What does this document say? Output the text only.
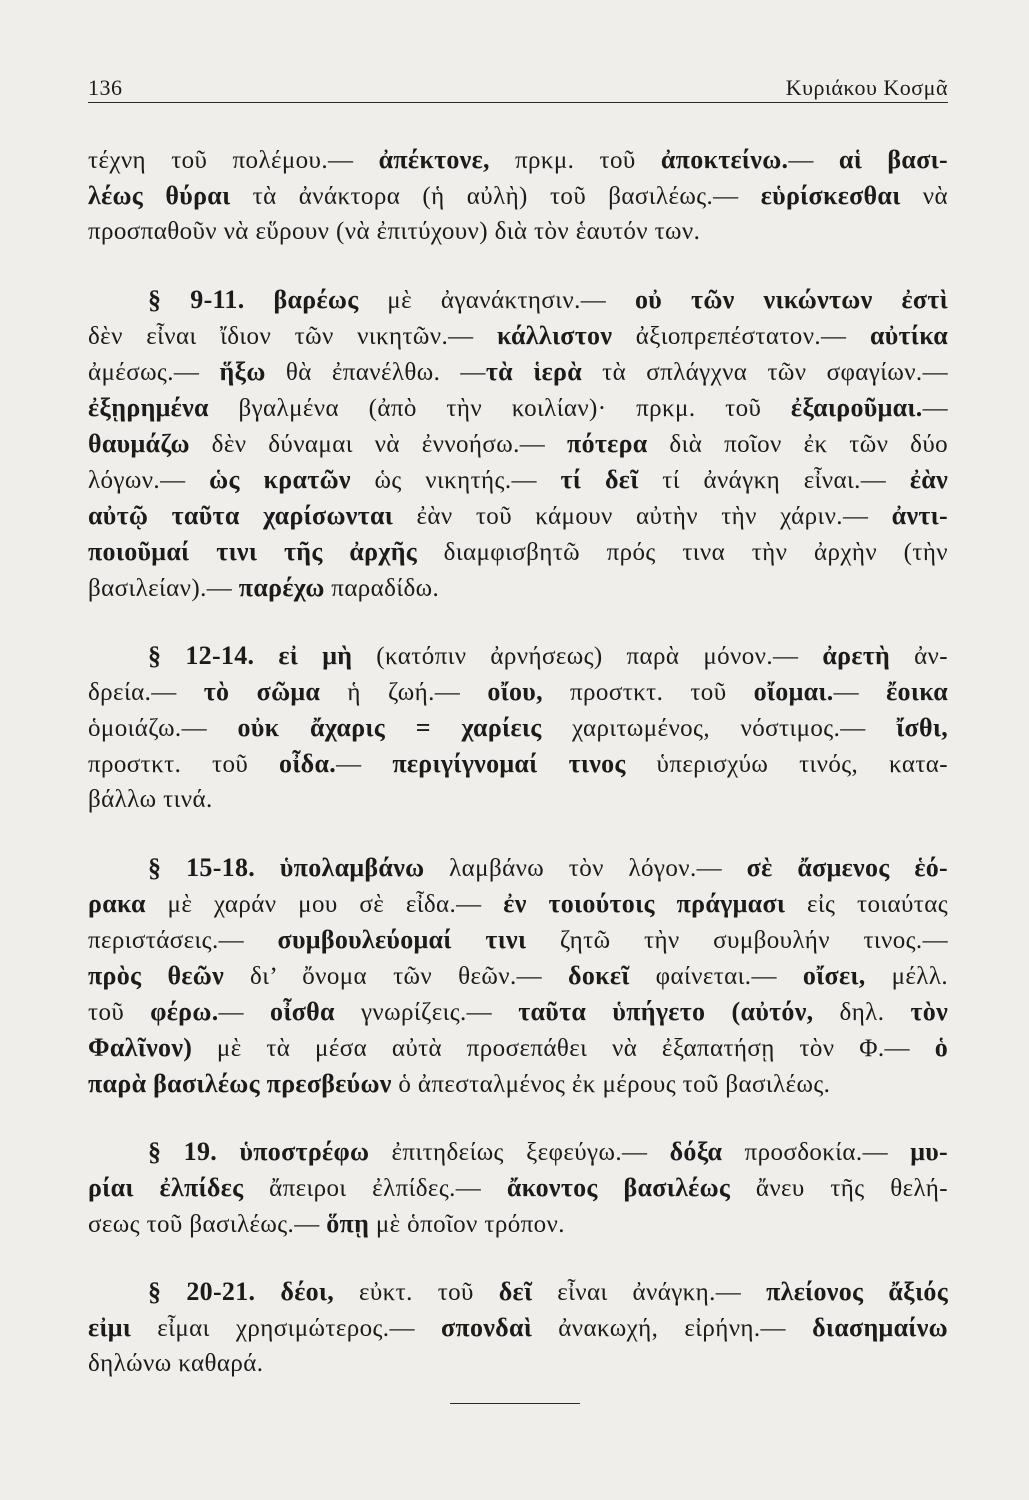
136	Κυριάκου Κοσμᾶ
τέχνη τοῦ πολέμου.— ἀπέκτονε, πρκμ. τοῦ ἀποκτείνω.— αἱ βασι-
λέως θύραι τὰ ἀνάκτορα (ἡ αὐλὴ) τοῦ βασιλέως.— εὑρίσκεσθαι νὰ
προσπαθοῦν νὰ εὕρουν (νὰ ἐπιτύχουν) διὰ τὸν ἑαυτόν των.
§ 9-11. βαρέως μὲ ἀγανάκτησιν.— οὐ τῶν νικώντων ἐστὶ
δὲν εἶναι ἴδιον τῶν νικητῶν.— κάλλιστον ἀξιοπρεπέστατον.— αὐτίκα
ἀμέσως.— ἥξω θὰ ἐπανέλθω. —τὰ ἱερὰ τὰ σπλάγχνα τῶν σφαγίων.—
ἐξῃρημένα βγαλμένα (ἀπὸ τὴν κοιλίαν)· πρκμ. τοῦ ἐξαιροῦμαι.—
θαυμάζω δὲν δύναμαι νὰ ἐννοήσω.— πότερα διὰ ποῖον ἐκ τῶν δύο
λόγων.— ὡς κρατῶν ὡς νικητής.— τί δεῖ τί ἀνάγκη εἶναι.— ἐὰν
αὐτῷ ταῦτα χαρίσωνται ἐὰν τοῦ κάμουν αὐτὴν τὴν χάριν.— ἀντι-
ποιοῦμαί τινι τῆς ἀρχῆς διαμφισβητῶ πρός τινα τὴν ἀρχὴν (τὴν
βασιλείαν).— παρέχω παραδίδω.
§ 12-14. εἰ μὴ (κατόπιν ἀρνήσεως) παρὰ μόνον.— ἀρετὴ ἀν-
δρεία.— τὸ σῶμα ἡ ζωή.— οἴου, προστκτ. τοῦ οἴομαι.— ἔοικα
ὁμοιάζω.— οὐκ ἄχαρις = χαρίεις χαριτωμένος, νόστιμος.— ἴσθι,
προστκτ. τοῦ οἶδα.— περιγίγνομαί τινος ὑπερισχύω τινός, κατα-
βάλλω τινά.
§ 15-18. ὑπολαμβάνω λαμβάνω τὸν λόγον.— σὲ ἄσμενος ἑό-
ρακα μὲ χαράν μου σὲ εἶδα.— ἐν τοιούτοις πράγμασι εἰς τοιαύτας
περιστάσεις.— συμβουλεύομαί τινι ζητῶ τὴν συμβουλήν τινος.—
πρὸς θεῶν δι’ ὄνομα τῶν θεῶν.— δοκεῖ φαίνεται.— οἴσει, μέλλ.
τοῦ φέρω.— οἶσθα γνωρίζεις.— ταῦτα ὑπήγετο (αὐτόν, δηλ. τὸν
Φαλῖνον) μὲ τὰ μέσα αὐτὰ προσεπάθει νὰ ἐξαπατήσῃ τὸν Φ.— ὁ
παρὰ βασιλέως πρεσβεύων ὁ ἀπεσταλμένος ἐκ μέρους τοῦ βασιλέως.
§ 19. ὑποστρέφω ἐπιτηδείως ξεφεύγω.— δόξα προσδοκία.— μυ-
ρίαι ἐλπίδες ἄπειροι ἐλπίδες.— ἄκοντος βασιλέως ἄνευ τῆς θελή-
σεως τοῦ βασιλέως.— ὅπῃ μὲ ὁποῖον τρόπον.
§ 20-21. δέοι, εὐκτ. τοῦ δεῖ εἶναι ἀνάγκη.— πλείονος ἄξιός
εἰμι εἶμαι χρησιμώτερος.— σπονδαὶ ἀνακωχή, εἰρήνη.— διασημαίνω
δηλώνω καθαρά.
